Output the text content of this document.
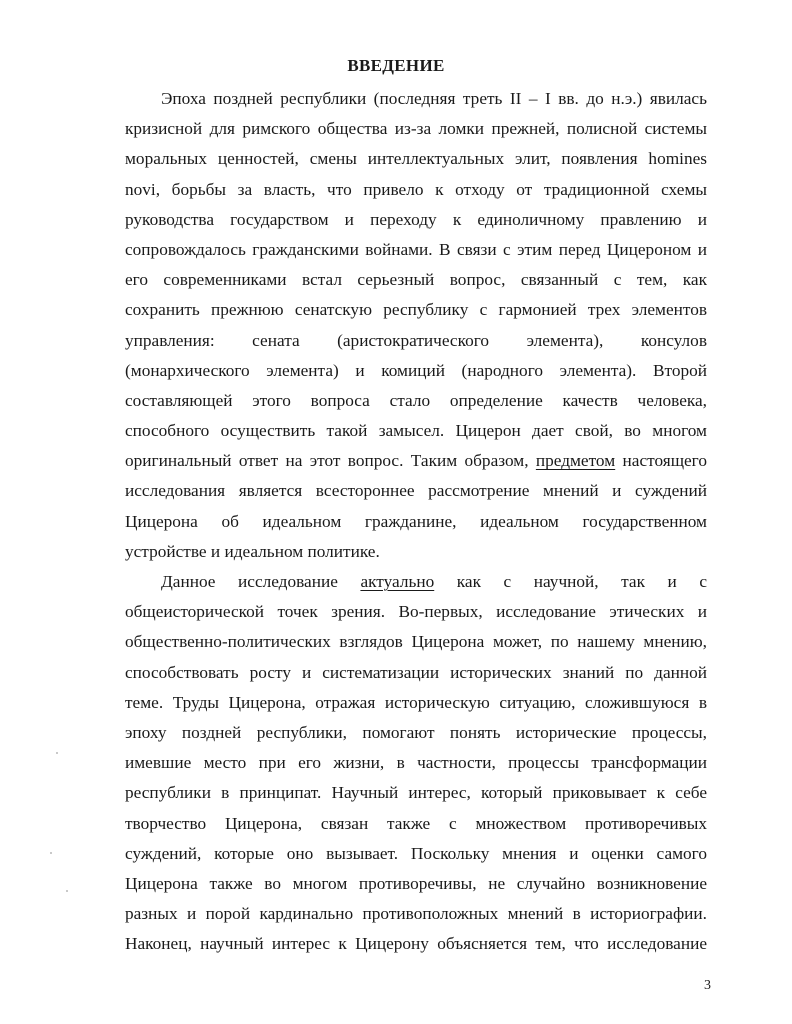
ВВЕДЕНИЕ
Эпоха поздней республики (последняя треть II – I вв. до н.э.) явилась
кризисной для римского общества из-за ломки прежней, полисной системы
моральных ценностей, смены интеллектуальных элит, появления homines
novi, борьбы за власть, что привело к отходу от традиционной схемы
руководства государством и переходу к единоличному правлению и
сопровождалось гражданскими войнами. В связи с этим перед Цицероном и
его современниками встал серьезный вопрос, связанный с тем, как
сохранить прежнюю сенатскую республику с гармонией трех элементов
управления: сената (аристократического элемента), консулов
(монархического элемента) и комиций (народного элемента). Второй
составляющей этого вопроса стало определение качеств человека,
способного осуществить такой замысел. Цицерон дает свой, во многом
оригинальный ответ на этот вопрос. Таким образом, предметом настоящего
исследования является всестороннее рассмотрение мнений и суждений
Цицерона об идеальном гражданине, идеальном государственном
устройстве и идеальном политике.
Данное исследование актуально как с научной, так и с
общеисторической точек зрения. Во-первых, исследование этических и
общественно-политических взглядов Цицерона может, по нашему мнению,
способствовать росту и систематизации исторических знаний по данной
теме. Труды Цицерона, отражая историческую ситуацию, сложившуюся в
эпоху поздней республики, помогают понять исторические процессы,
имевшие место при его жизни, в частности, процессы трансформации
республики в принципат. Научный интерес, который приковывает к себе
творчество Цицерона, связан также с множеством противоречивых
суждений, которые оно вызывает. Поскольку мнения и оценки самого
Цицерона также во многом противоречивы, не случайно возникновение
разных и порой кардинально противоположных мнений в историографии.
Наконец, научный интерес к Цицерону объясняется тем, что исследование

3
